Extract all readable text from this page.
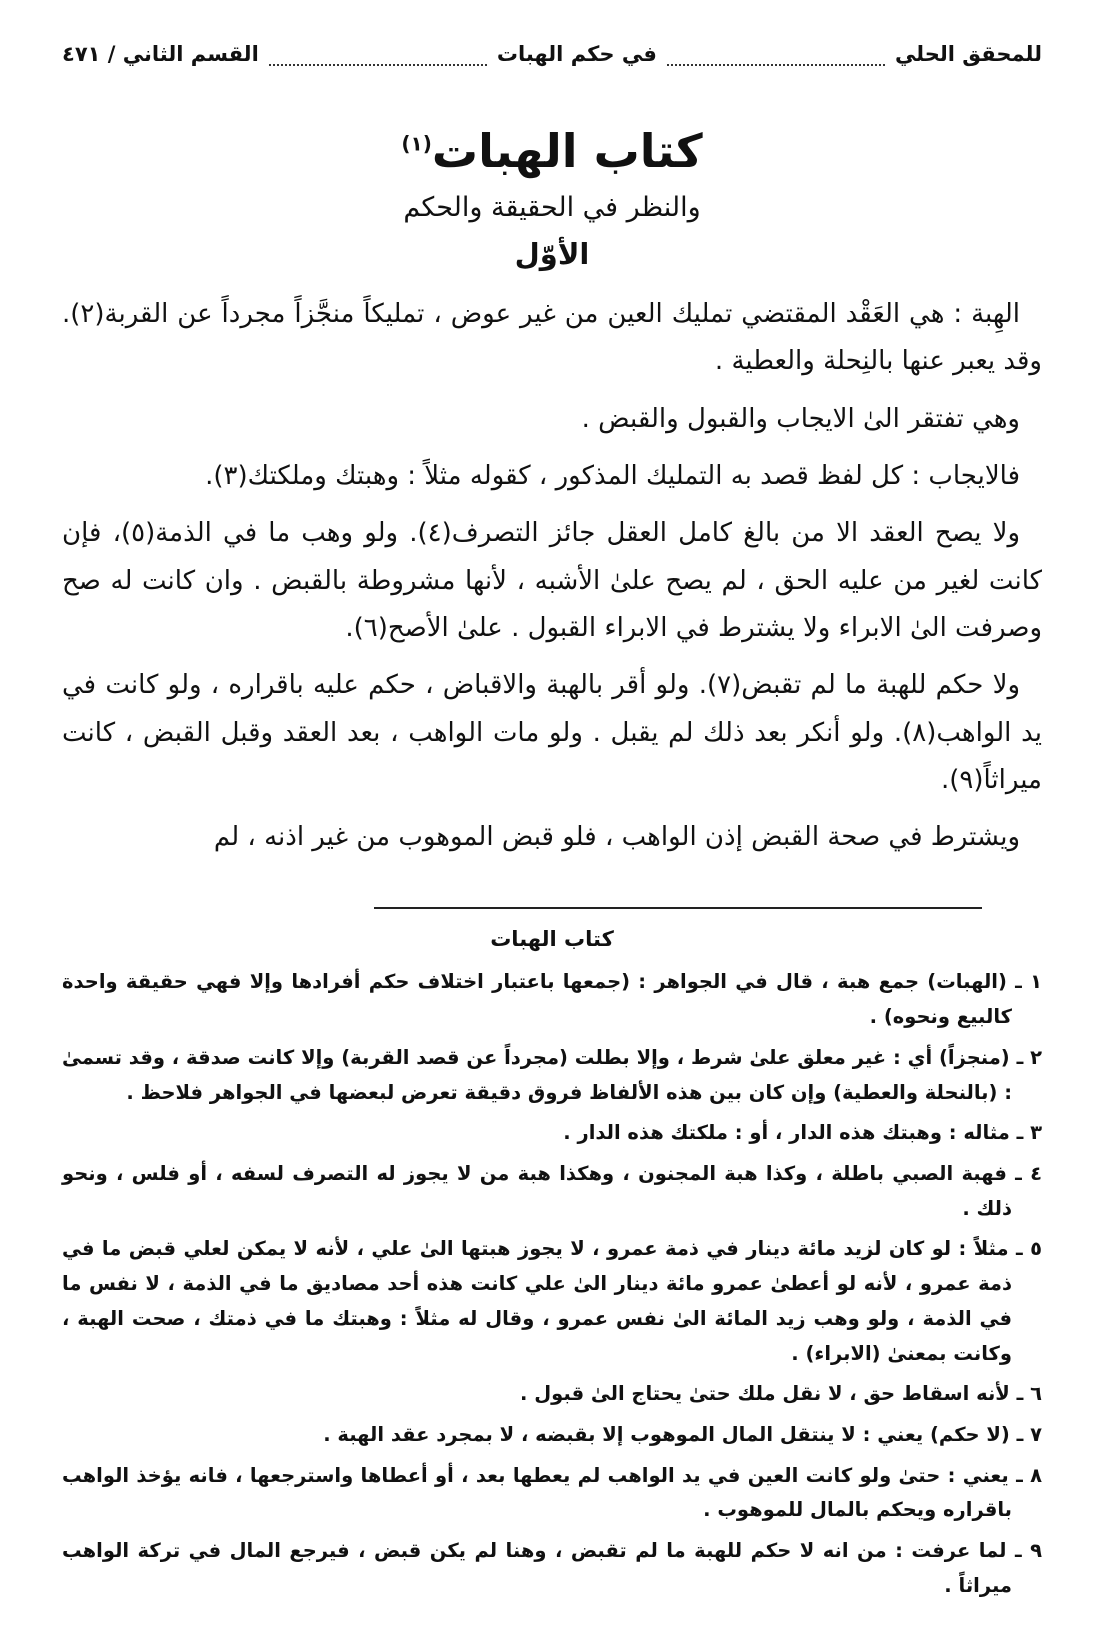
للمحقق الحلي
في حكم الهبات
القسم الثاني / ٤٧١
كتاب الهبات$^{(١)}$
والنظر في الحقيقة والحكم
الأوّل

الهِبة : هي العَقْد المقتضي تمليك العين من غير عوض ، تمليكاً منجَّزاً مجرداً عن القربة(٢). وقد يعبر عنها بالنِحلة والعطية .

وهي تفتقر الىٰ الايجاب والقبول والقبض .

فالايجاب : كل لفظ قصد به التمليك المذكور ، كقوله مثلاً : وهبتك وملكتك(٣).

ولا يصح العقد الا من بالغ كامل العقل جائز التصرف(٤). ولو وهب ما في الذمة(٥)، فإن كانت لغير من عليه الحق ، لم يصح علىٰ الأشبه ، لأنها مشروطة بالقبض . وان كانت له صح وصرفت الىٰ الابراء ولا يشترط في الابراء القبول . علىٰ الأصح(٦).

ولا حكم للهبة ما لم تقبض(٧). ولو أقر بالهبة والاقباض ، حكم عليه باقراره ، ولو كانت في يد الواهب(٨). ولو أنكر بعد ذلك لم يقبل . ولو مات الواهب ، بعد العقد وقبل القبض ، كانت ميراثاً(٩).

ويشترط في صحة القبض إذن الواهب ، فلو قبض الموهوب من غير اذنه ، لم

كتاب الهبات

١ ـ (الهبات) جمع هبة ، قال في الجواهر : (جمعها باعتبار اختلاف حكم أفرادها وإلا فهي حقيقة واحدة كالبيع ونحوه) .

٢ ـ (منجزاً) أي : غير معلق علىٰ شرط ، وإلا بطلت (مجرداً عن قصد القربة) وإلا كانت صدقة ، وقد تسمىٰ : (بالنحلة والعطية) وإن كان بين هذه الألفاظ فروق دقيقة تعرض لبعضها في الجواهر فلاحظ .

٣ ـ مثاله : وهبتك هذه الدار ، أو : ملكتك هذه الدار .

٤ ـ فهبة الصبي باطلة ، وكذا هبة المجنون ، وهكذا هبة من لا يجوز له التصرف لسفه ، أو فلس ، ونحو ذلك .

٥ ـ مثلاً : لو كان لزيد مائة دينار في ذمة عمرو ، لا يجوز هبتها الىٰ علي ، لأنه لا يمكن لعلي قبض ما في ذمة عمرو ، لأنه لو أعطىٰ عمرو مائة دينار الىٰ علي كانت هذه أحد مصاديق ما في الذمة ، لا نفس ما في الذمة ، ولو وهب زيد المائة الىٰ نفس عمرو ، وقال له مثلاً : وهبتك ما في ذمتك ، صحت الهبة ، وكانت بمعنىٰ (الابراء) .

٦ ـ لأنه اسقاط حق ، لا نقل ملك حتىٰ يحتاج الىٰ قبول .

٧ ـ (لا حكم) يعني : لا ينتقل المال الموهوب إلا بقبضه ، لا بمجرد عقد الهبة .

٨ ـ يعني : حتىٰ ولو كانت العين في يد الواهب لم يعطها بعد ، أو أعطاها واسترجعها ، فانه يؤخذ الواهب باقراره ويحكم بالمال للموهوب .

٩ ـ لما عرفت : من انه لا حكم للهبة ما لم تقبض ، وهنا لم يكن قبض ، فيرجع المال في تركة الواهب ميراثاً .
